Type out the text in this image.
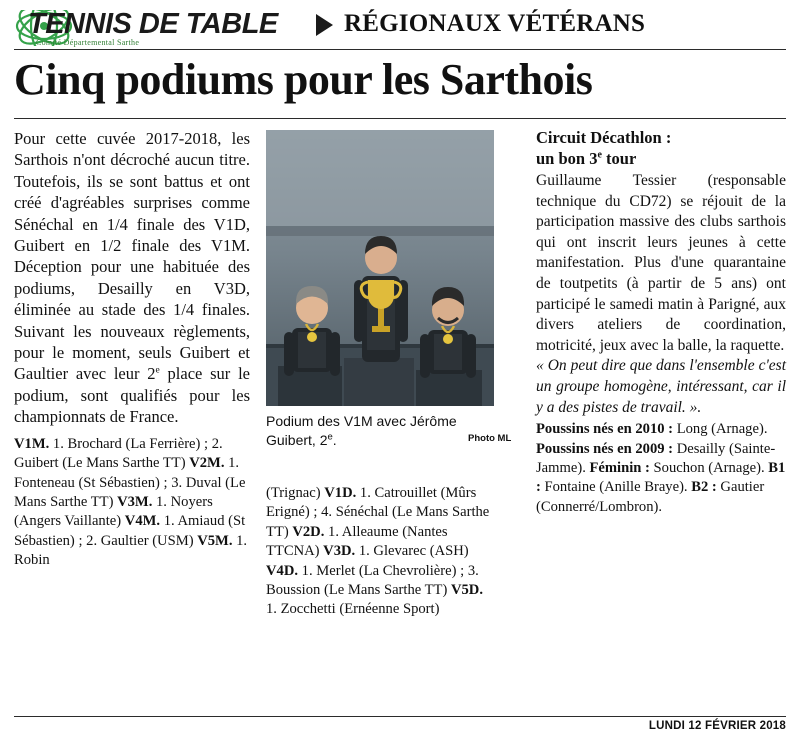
TENNIS DE TABLE
Comité Départemental Sarthe
RÉGIONAUX VÉTÉRANS
Cinq podiums pour les Sarthois

Pour cette cuvée 2017-2018, les Sarthois n'ont décroché aucun titre. Toutefois, ils se sont battus et ont créé d'agréables surprises comme Sénéchal en 1/4 finale des V1D, Guibert en 1/2 finale des V1M. Déception pour une habituée des podiums, Desailly en V3D, éliminée au stade des 1/4 finales. Suivant les nouveaux règlements, pour le moment, seuls Guibert et Gaultier avec leur 2e place sur le podium, sont qualifiés pour les championnats de France.

V1M. 1. Brochard (La Ferrière) ; 2. Guibert (Le Mans Sarthe TT) V2M. 1. Fonteneau (St Sébastien) ; 3. Duval (Le Mans Sarthe TT) V3M. 1. Noyers (Angers Vaillante) V4M. 1. Amiaud (St Sébastien) ; 2. Gaultier (USM) V5M. 1. Robin

Podium des V1M avec Jérôme Guibert, 2e.	Photo ML
(Trignac) V1D. 1. Catrouillet (Mûrs Erigné) ; 4. Sénéchal (Le Mans Sarthe TT) V2D. 1. Alleaume (Nantes TTCNA) V3D. 1. Glevarec (ASH) V4D. 1. Merlet (La Chevrolière) ; 3. Boussion (Le Mans Sarthe TT) V5D. 1. Zocchetti (Ernéenne Sport)
Circuit Décathlon :
un bon 3e tour

Guillaume Tessier (responsable technique du CD72) se réjouit de la participation massive des clubs sarthois qui ont inscrit leurs jeunes à cette manifestation. Plus d'une quarantaine de toutpetits (à partir de 5 ans) ont participé le samedi matin à Parigné, aux divers ateliers de coordination, motricité, jeux avec la balle, la raquette.

« On peut dire que dans l'ensemble c'est un groupe homogène, intéressant, car il y a des pistes de travail. ».

Poussins nés en 2010 : Long (Arnage). Poussins nés en 2009 : Desailly (Sainte-Jamme). Féminin : Souchon (Arnage). B1 : Fontaine (Anille Braye). B2 : Gautier (Connerré/Lombron).
LUNDI 12 FÉVRIER 2018
